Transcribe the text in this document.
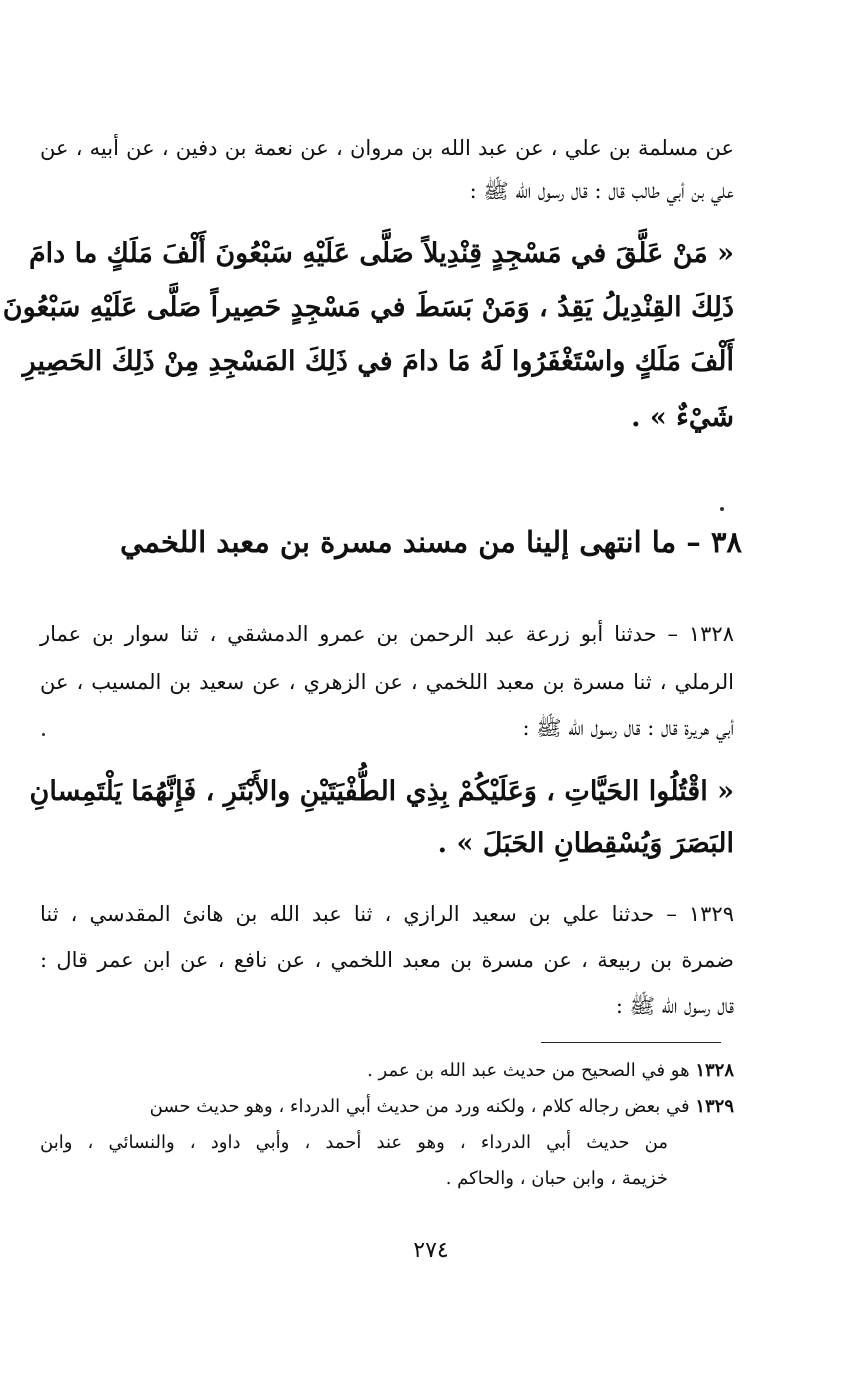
عن مسلمة بن علي ، عن عبد الله بن مروان ، عن نعمة بن دفين ، عن أبيه ، عن
علي بن أبي طالب قال : قال رسول الله ﷺ :
« مَنْ عَلَّقَ في مَسْجِدٍ قِنْدِيلاً صَلَّى عَلَيْهِ سَبْعُونَ أَلْفَ مَلَكٍ ما دامَ
ذَلِكَ القِنْدِيلُ يَقِدُ ، وَمَنْ بَسَطَ في مَسْجِدٍ حَصِيراً صَلَّى عَلَيْهِ سَبْعُونَ
أَلْفَ مَلَكٍ واسْتَغْفَرُوا لَهُ مَا دامَ في ذَلِكَ المَسْجِدِ مِنْ ذَلِكَ الحَصِيرِ
شَيْءٌ » .
٣٨ – ما انتهى إلينا من مسند مسرة بن معبد اللخمي
١٣٢٨ – حدثنا أبو زرعة عبد الرحمن بن عمرو الدمشقي ، ثنا سوار بن عمار
الرملي ، ثنا مسرة بن معبد اللخمي ، عن الزهري ، عن سعيد بن المسيب ، عن
أبي هريرة قال : قال رسول الله ﷺ :
« اقْتُلُوا الحَيَّاتِ ، وَعَلَيْكُمْ بِذِي الطُّفْيَتَيْنِ والأَبْتَرِ ، فَإِنَّهُمَا يَلْتَمِسانِ
البَصَرَ وَيُسْقِطانِ الحَبَلَ » .
١٣٢٩ – حدثنا علي بن سعيد الرازي ، ثنا عبد الله بن هانئ المقدسي ، ثنا
ضمرة بن ربيعة ، عن مسرة بن معبد اللخمي ، عن نافع ، عن ابن عمر قال :
قال رسول الله ﷺ :
١٣٢٨ هو في الصحيح من حديث عبد الله بن عمر .
١٣٢٩ في بعض رجاله كلام ، ولكنه ورد من حديث أبي الدرداء ، وهو حديث حسن
من حديث أبي الدرداء ، وهو عند أحمد ، وأبي داود ، والنسائي ، وابن
خزيمة ، وابن حبان ، والحاكم .
٢٧٤
